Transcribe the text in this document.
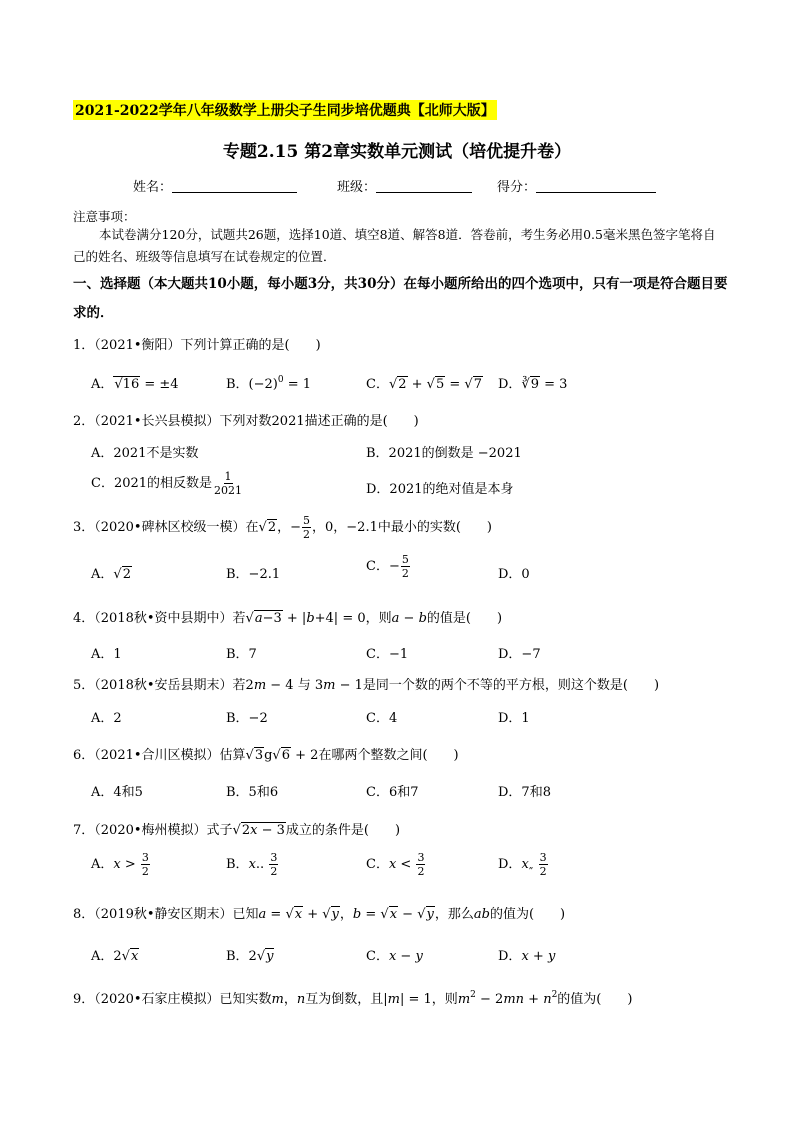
2021-2022学年八年级数学上册尖子生同步培优题典【北师大版】
专题2.15 第2章实数单元测试（培优提升卷）
姓名：	班级：	得分：
注意事项：
本试卷满分120分，试题共26题，选择10道、填空8道、解答8道．答卷前，考生务必用0.5毫米黑色签字笔将自己的姓名、班级等信息填写在试卷规定的位置．
一、选择题（本大题共10小题，每小题3分，共30分）在每小题所给出的四个选项中，只有一项是符合题目要求的．
1．（2021•衡阳）下列计算正确的是(　　)
A．√16 = ±4	B．$(-2)^0 = 1$	C．√2 + √5 = √7 D．∛9 = 3
2．（2021•长兴县模拟）下列对数2021描述正确的是(　　)
A．2021不是实数	B．2021的倒数是 −2021
C．2021的相反数是 $\frac{1}{2021}$	D．2021的绝对值是本身
3．（2020•碑林区校级一模）在√2，− $\frac{5}{2}$ ，0，−2.1中最小的实数(　　)
A．√2	B．−2.1
C．− $\frac{5}{2}$	D．0
4．（2018秋•资中县期中）若√a−3 + |b+4| = 0，则a − b的值是(　　)
A．1	B．7	C．−1	D．−7
5．（2018秋•安岳县期末）若2m − 4 与 3m − 1是同一个数的两个不等的平方根，则这个数是(　　)
A．2	B．−2	C．4	D．1
6．（2021•合川区模拟）估算√3g√6 + 2在哪两个整数之间(　　)
A．4和5	B．5和6	C．6和7	D．7和8
7．（2020•梅州模拟）式子√2x − 3成立的条件是(　　)
A．$x > \frac{3}{2}$	B．x.. $\frac{3}{2}$	C．$x < \frac{3}{2}$	D．x„ $\frac{3}{2}$
8．（2019秋•静安区期末）已知a = √x + √y，b = √x − √y，那么ab的值为(　　)
A．2√x	B．2√y	C．x − y	D．x + y
9．（2020•石家庄模拟）已知实数m，n互为倒数，且|m| = 1，则$m^2 - 2mn + n^2$的值为(　　)
